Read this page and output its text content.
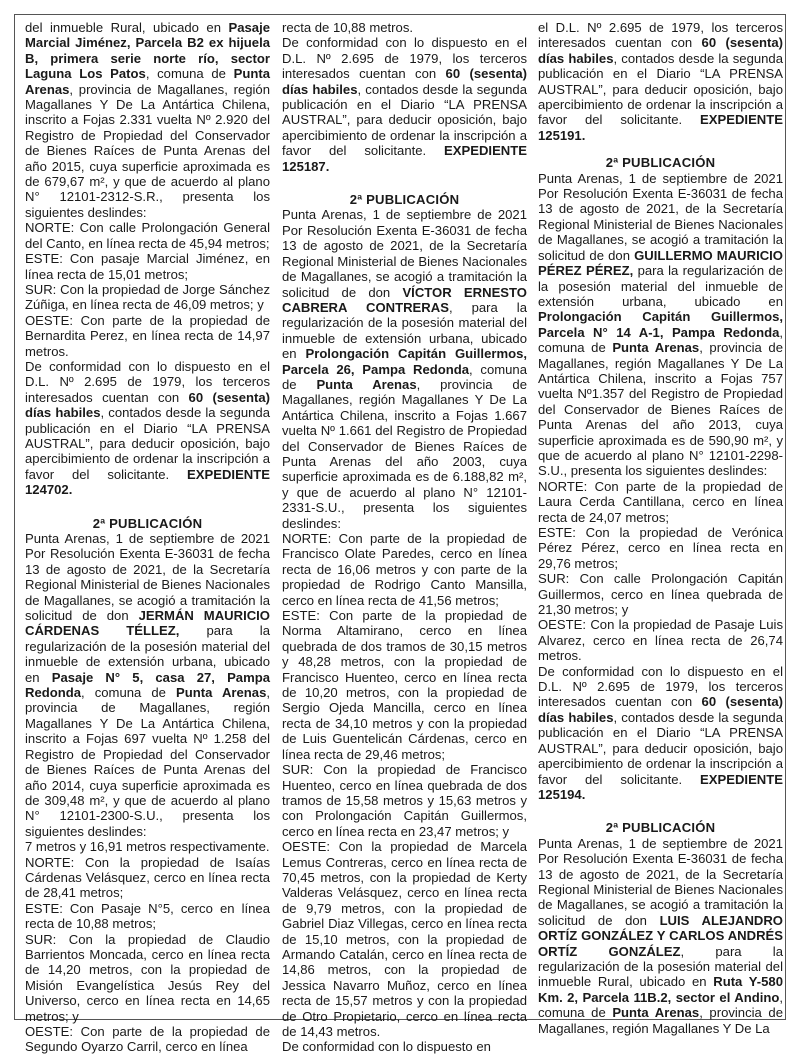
del inmueble Rural, ubicado en Pasaje Marcial Jiménez, Parcela B2 ex hijuela B, primera serie norte río, sector Laguna Los Patos, comuna de Punta Arenas, provincia de Magallanes, región Magallanes Y De La Antártica Chilena, inscrito a Fojas 2.331 vuelta Nº 2.920 del Registro de Propiedad del Conservador de Bienes Raíces de Punta Arenas del año 2015, cuya superficie aproximada es de 679,67 m², y que de acuerdo al plano N° 12101-2312-S.R., presenta los siguientes deslindes:

NORTE: Con calle Prolongación General del Canto, en línea recta de 45,94 metros;

ESTE: Con pasaje Marcial Jiménez, en línea recta de 15,01 metros;

SUR: Con la propiedad de Jorge Sánchez Zúñiga, en línea recta de 46,09 metros; y

OESTE: Con parte de la propiedad de Bernardita Perez, en línea recta de 14,97 metros.

De conformidad con lo dispuesto en el D.L. Nº 2.695 de 1979, los terceros interesados cuentan con 60 (sesenta) días habiles, contados desde la segunda publicación en el Diario “LA PRENSA AUSTRAL”, para deducir oposición, bajo apercibimiento de ordenar la inscripción a favor del solicitante. EXPEDIENTE 124702.

2ª PUBLICACIÓN

Punta Arenas, 1 de septiembre de 2021 Por Resolución Exenta E-36031 de fecha 13 de agosto de 2021, de la Secretaría Regional Ministerial de Bienes Nacionales de Magallanes, se acogió a tramitación la solicitud de don JERMÁN MAURICIO CÁRDENAS TÉLLEZ, para la regularización de la posesión material del inmueble de extensión urbana, ubicado en Pasaje N° 5, casa 27, Pampa Redonda, comuna de Punta Arenas, provincia de Magallanes, región Magallanes Y De La Antártica Chilena, inscrito a Fojas 697 vuelta Nº 1.258 del Registro de Propiedad del Conservador de Bienes Raíces de Punta Arenas del año 2014, cuya superficie aproximada es de 309,48 m², y que de acuerdo al plano N° 12101-2300-S.U., presenta los siguientes deslindes:

7 metros y 16,91 metros respectivamente.

NORTE: Con la propiedad de Isaías Cárdenas Velásquez, cerco en línea recta de 28,41 metros;

ESTE: Con Pasaje N°5, cerco en línea recta de 10,88 metros;

SUR: Con la propiedad de Claudio Barrientos Moncada, cerco en línea recta de 14,20 metros, con la propiedad de Misión Evangelística Jesús Rey del Universo, cerco en línea recta en 14,65 metros; y

OESTE: Con parte de la propiedad de Segundo Oyarzo Carril, cerco en línea

recta de 10,88 metros.

De conformidad con lo dispuesto en el D.L. Nº 2.695 de 1979, los terceros interesados cuentan con 60 (sesenta) días habiles, contados desde la segunda publicación en el Diario “LA PRENSA AUSTRAL”, para deducir oposición, bajo apercibimiento de ordenar la inscripción a favor del solicitante. EXPEDIENTE 125187.

2ª PUBLICACIÓN

Punta Arenas, 1 de septiembre de 2021 Por Resolución Exenta E-36031 de fecha 13 de agosto de 2021, de la Secretaría Regional Ministerial de Bienes Nacionales de Magallanes, se acogió a tramitación la solicitud de don VÍCTOR ERNESTO CABRERA CONTRERAS, para la regularización de la posesión material del inmueble de extensión urbana, ubicado en Prolongación Capitán Guillermos, Parcela 26, Pampa Redonda, comuna de Punta Arenas, provincia de Magallanes, región Magallanes Y De La Antártica Chilena, inscrito a Fojas 1.667 vuelta Nº 1.661 del Registro de Propiedad del Conservador de Bienes Raíces de Punta Arenas del año 2003, cuya superficie aproximada es de 6.188,82 m², y que de acuerdo al plano N° 12101-2331-S.U., presenta los siguientes deslindes:

NORTE: Con parte de la propiedad de Francisco Olate Paredes, cerco en línea recta de 16,06 metros y con parte de la propiedad de Rodrigo Canto Mansilla, cerco en línea recta de 41,56 metros;

ESTE: Con parte de la propiedad de Norma Altamirano, cerco en línea quebrada de dos tramos de 30,15 metros y 48,28 metros, con la propiedad de Francisco Huenteo, cerco en línea recta de 10,20 metros, con la propiedad de Sergio Ojeda Mancilla, cerco en línea recta de 34,10 metros y con la propiedad de Luis Guentelicán Cárdenas, cerco en línea recta de 29,46 metros;

SUR: Con la propiedad de Francisco Huenteo, cerco en línea quebrada de dos tramos de 15,58 metros y 15,63 metros y con Prolongación Capitán Guillermos, cerco en línea recta en 23,47 metros; y

OESTE: Con la propiedad de Marcela Lemus Contreras, cerco en línea recta de 70,45 metros, con la propiedad de Kerty Valderas Velásquez, cerco en línea recta de 9,79 metros, con la propiedad de Gabriel Diaz Villegas, cerco en línea recta de 15,10 metros, con la propiedad de Armando Catalán, cerco en línea recta de 14,86 metros, con la propiedad de Jessica Navarro Muñoz, cerco en línea recta de 15,57 metros y con la propiedad de Otro Propietario, cerco en línea recta de 14,43 metros.

De conformidad con lo dispuesto en

el D.L. Nº 2.695 de 1979, los terceros interesados cuentan con 60 (sesenta) días habiles, contados desde la segunda publicación en el Diario “LA PRENSA AUSTRAL”, para deducir oposición, bajo apercibimiento de ordenar la inscripción a favor del solicitante. EXPEDIENTE 125191.

2ª PUBLICACIÓN

Punta Arenas, 1 de septiembre de 2021 Por Resolución Exenta E-36031 de fecha 13 de agosto de 2021, de la Secretaría Regional Ministerial de Bienes Nacionales de Magallanes, se acogió a tramitación la solicitud de don GUILLERMO MAURICIO PÉREZ PÉREZ, para la regularización de la posesión material del inmueble de extensión urbana, ubicado en Prolongación Capitán Guillermos, Parcela N° 14 A-1, Pampa Redonda, comuna de Punta Arenas, provincia de Magallanes, región Magallanes Y De La Antártica Chilena, inscrito a Fojas 757 vuelta Nº1.357 del Registro de Propiedad del Conservador de Bienes Raíces de Punta Arenas del año 2013, cuya superficie aproximada es de 590,90 m², y que de acuerdo al plano N° 12101-2298-S.U., presenta los siguientes deslindes:

NORTE: Con parte de la propiedad de Laura Cerda Cantillana, cerco en línea recta de 24,07 metros;

ESTE: Con la propiedad de Verónica Pérez Pérez, cerco en línea recta en 29,76 metros;

SUR: Con calle Prolongación Capitán Guillermos, cerco en línea quebrada de 21,30 metros; y

OESTE: Con la propiedad de Pasaje Luis Alvarez, cerco en línea recta de 26,74 metros.

De conformidad con lo dispuesto en el D.L. Nº 2.695 de 1979, los terceros interesados cuentan con 60 (sesenta) días habiles, contados desde la segunda publicación en el Diario “LA PRENSA AUSTRAL”, para deducir oposición, bajo apercibimiento de ordenar la inscripción a favor del solicitante. EXPEDIENTE 125194.

2ª PUBLICACIÓN

Punta Arenas, 1 de septiembre de 2021 Por Resolución Exenta E-36031 de fecha 13 de agosto de 2021, de la Secretaría Regional Ministerial de Bienes Nacionales de Magallanes, se acogió a tramitación la solicitud de don LUIS ALEJANDRO ORTÍZ GONZÁLEZ Y CARLOS ANDRÉS ORTÍZ GONZÁLEZ, para la regularización de la posesión material del inmueble Rural, ubicado en Ruta Y-580 Km. 2, Parcela 11B.2, sector el Andino, comuna de Punta Arenas, provincia de Magallanes, región Magallanes Y De La
